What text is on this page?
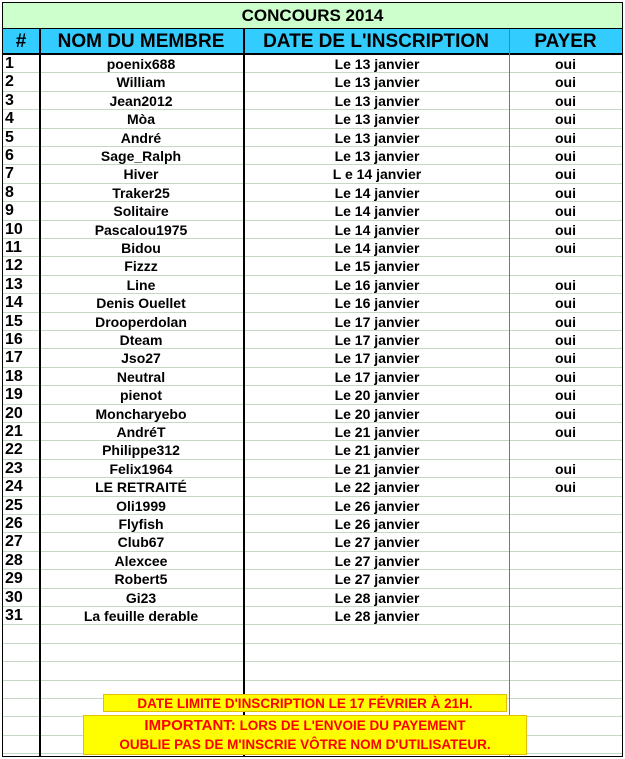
CONCOURS 2014
#	NOM DU MEMBRE	DATE DE L'INSCRIPTION	PAYER
1	poenix688	Le 13 janvier	oui
2	William	Le 13 janvier	oui
3	Jean2012	Le 13 janvier	oui
4	Mòa	Le 13 janvier	oui
5	André	Le 13 janvier	oui
6	Sage_Ralph	Le 13 janvier	oui
7	Hiver	L e 14 janvier	oui
8	Traker25	Le 14 janvier	oui
9	Solitaire	Le 14 janvier	oui
10	Pascalou1975	Le 14 janvier	oui
11	Bidou	Le 14 janvier	oui
12	Fizzz	Le 15 janvier
13	Line	Le 16 janvier	oui
14	Denis Ouellet	Le 16 janvier	oui
15	Drooperdolan	Le 17 janvier	oui
16	Dteam	Le 17 janvier	oui
17	Jso27	Le 17 janvier	oui
18	Neutral	Le 17 janvier	oui
19	pienot	Le 20 janvier	oui
20	Moncharyebo	Le 20 janvier	oui
21	AndréT	Le 21 janvier	oui
22	Philippe312	Le 21 janvier
23	Felix1964	Le 21 janvier	oui
24	LE RETRAITÉ	Le 22 janvier	oui
25	Oli1999	Le 26 janvier
26	Flyfish	Le 26 janvier
27	Club67	Le 27 janvier
28	Alexcee	Le 27 janvier
29	Robert5	Le 27 janvier
30	Gi23	Le 28 janvier
31	La feuille derable	Le 28 janvier
DATE LIMITE D'INSCRIPTION LE 17 FÉVRIER À 21H.
IMPORTANT: LORS DE L'ENVOIE DU PAYEMENT
OUBLIE PAS DE M'INSCRIE VÔTRE NOM D'UTILISATEUR.
